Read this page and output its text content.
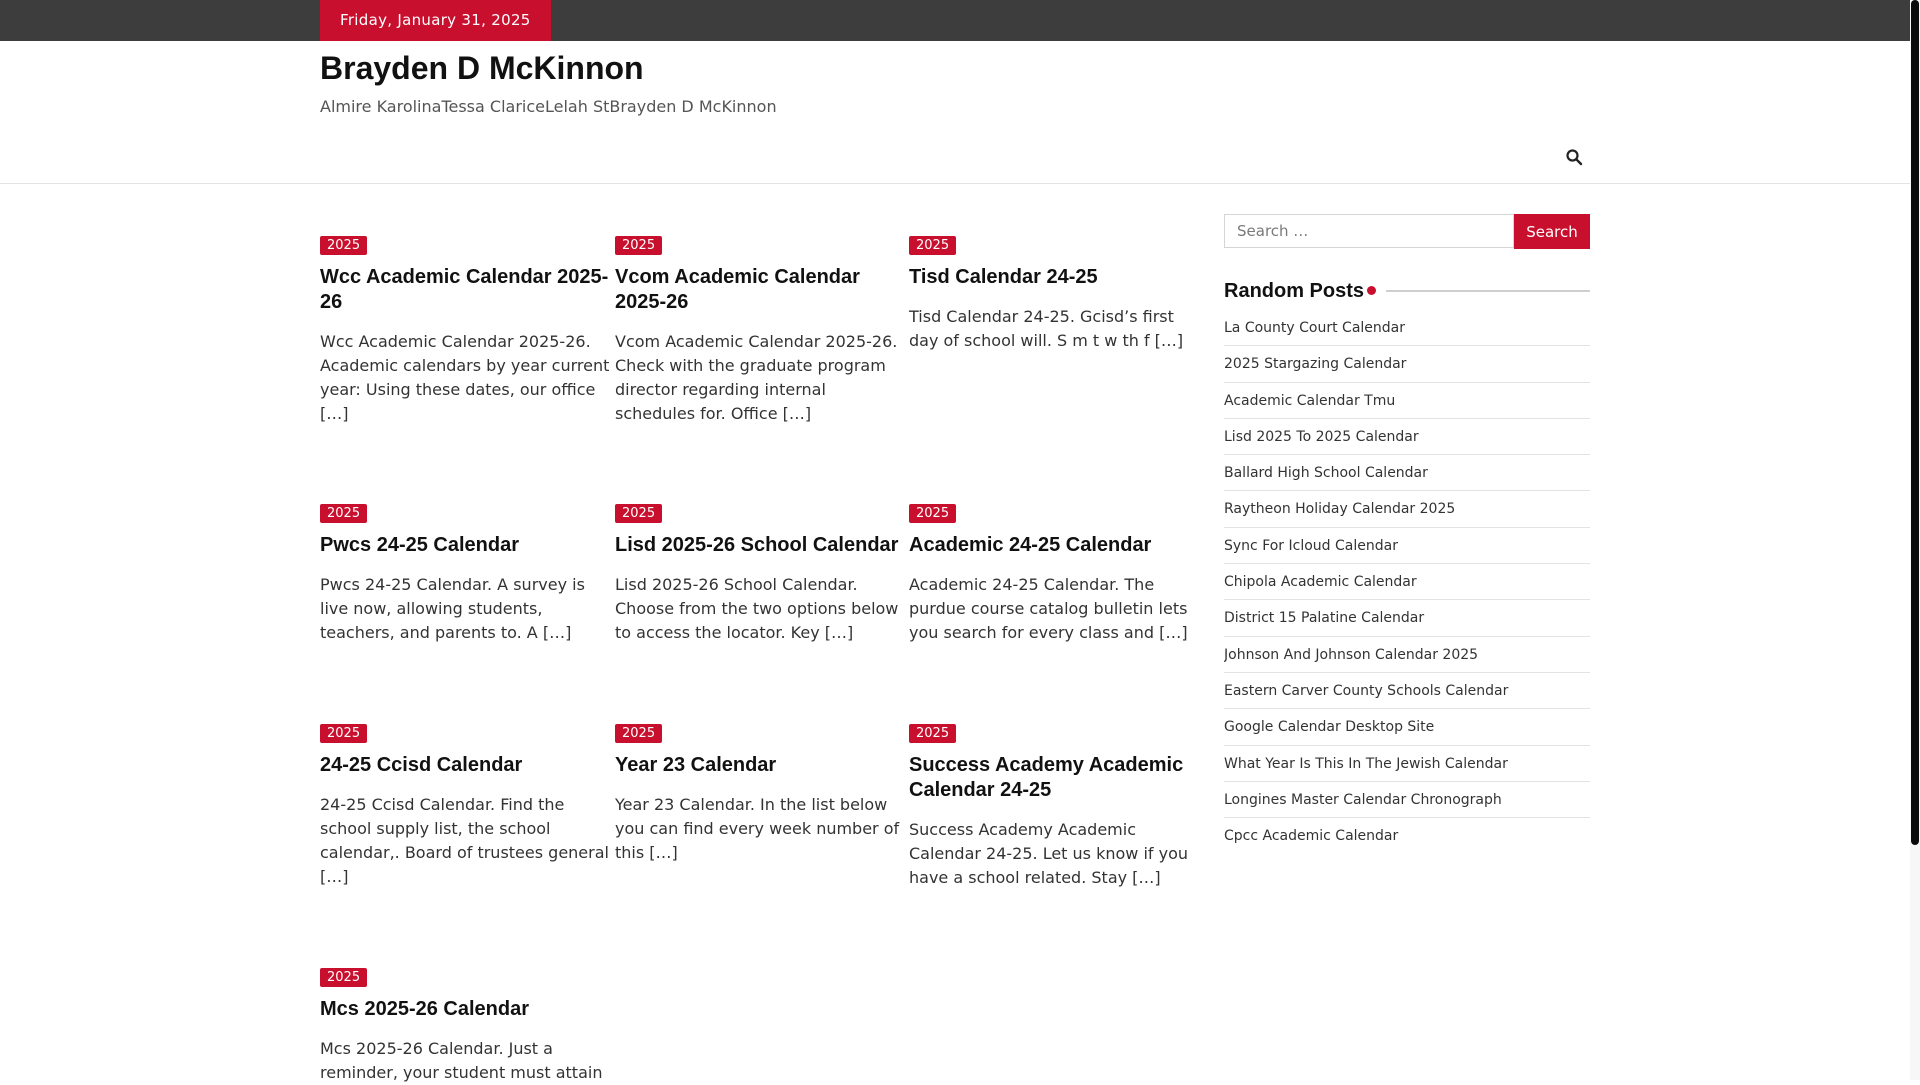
Friday, January 31, 2025
Brayden D McKinnon
Almire KarolinaTessa ClariceLelah StBrayden D McKinnon
2025
Wcc Academic Calendar 2025-26
Wcc Academic Calendar 2025-26. Academic calendars by year current year: Using these dates, our office […]
2025
Vcom Academic Calendar 2025-26
Vcom Academic Calendar 2025-26. Check with the graduate program director regarding internal schedules for. Office […]
2025
Tisd Calendar 24-25
Tisd Calendar 24-25. Gcisd’s first day of school will. S m t w th f […]
2025
Pwcs 24-25 Calendar
Pwcs 24-25 Calendar. A survey is live now, allowing students, teachers, and parents to. A […]
2025
Lisd 2025-26 School Calendar
Lisd 2025-26 School Calendar. Choose from the two options below to access the locator. Key […]
2025
Academic 24-25 Calendar
Academic 24-25 Calendar. The purdue course catalog bulletin lets you search for every class and […]
2025
24-25 Ccisd Calendar
24-25 Ccisd Calendar. Find the school supply list, the school calendar,. Board of trustees general […]
2025
Year 23 Calendar
Year 23 Calendar. In the list below you can find every week number of this […]
2025
Success Academy Academic Calendar 24-25
Success Academy Academic Calendar 24-25. Let us know if you have a school related. Stay […]
2025
Mcs 2025-26 Calendar
Mcs 2025-26 Calendar. Just a reminder, your student must attain
Search …
Search
Random Posts
La County Court Calendar
2025 Stargazing Calendar
Academic Calendar Tmu
Lisd 2025 To 2025 Calendar
Ballard High School Calendar
Raytheon Holiday Calendar 2025
Sync For Icloud Calendar
Chipola Academic Calendar
District 15 Palatine Calendar
Johnson And Johnson Calendar 2025
Eastern Carver County Schools Calendar
Google Calendar Desktop Site
What Year Is This In The Jewish Calendar
Longines Master Calendar Chronograph
Cpcc Academic Calendar
